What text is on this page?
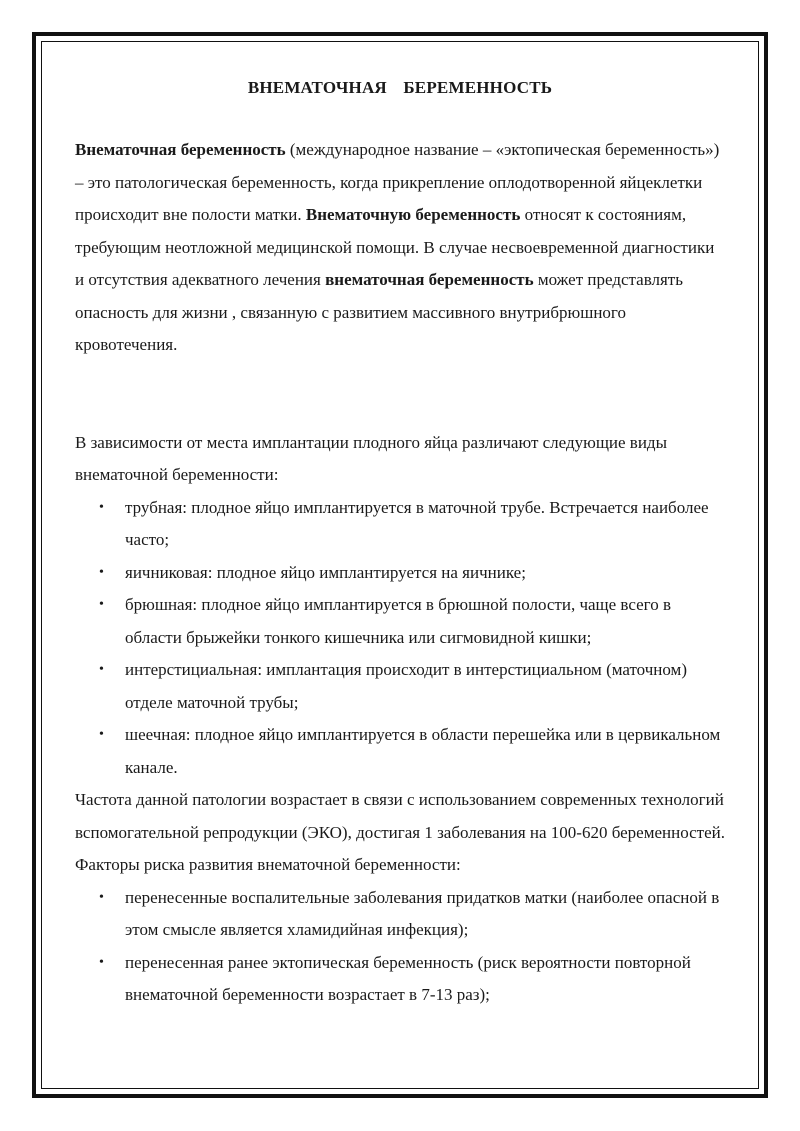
ВНЕМАТОЧНАЯ БЕРЕМЕННОСТЬ

Внематочная беременность (международное название – «эктопическая беременность») – это патологическая беременность, когда прикрепление оплодотворенной яйцеклетки происходит вне полости матки. Внематочную беременность относят к состояниям, требующим неотложной медицинской помощи. В случае несвоевременной диагностики и отсутствия адекватного лечения внематочная беременность может представлять опасность для жизни , связанную с развитием массивного внутрибрюшного кровотечения.

В зависимости от места имплантации плодного яйца различают следующие виды внематочной беременности:

• трубная: плодное яйцо имплантируется в маточной трубе. Встречается наиболее часто;
• яичниковая: плодное яйцо имплантируется на яичнике;
• брюшная: плодное яйцо имплантируется в брюшной полости, чаще всего в области брыжейки тонкого кишечника или сигмовидной кишки;
• интерстициальная: имплантация происходит в интерстициальном (маточном) отделе маточной трубы;
• шеечная: плодное яйцо имплантируется в области перешейка или в цервикальном канале.

Частота данной патологии возрастает в связи с использованием современных технологий вспомогательной репродукции (ЭКО), достигая 1 заболевания на 100-620 беременностей.

Факторы риска развития внематочной беременности:

• перенесенные воспалительные заболевания придатков матки (наиболее опасной в этом смысле является хламидийная инфекция);
• перенесенная ранее эктопическая беременность (риск вероятности повторной внематочной беременности возрастает в 7-13 раз);
